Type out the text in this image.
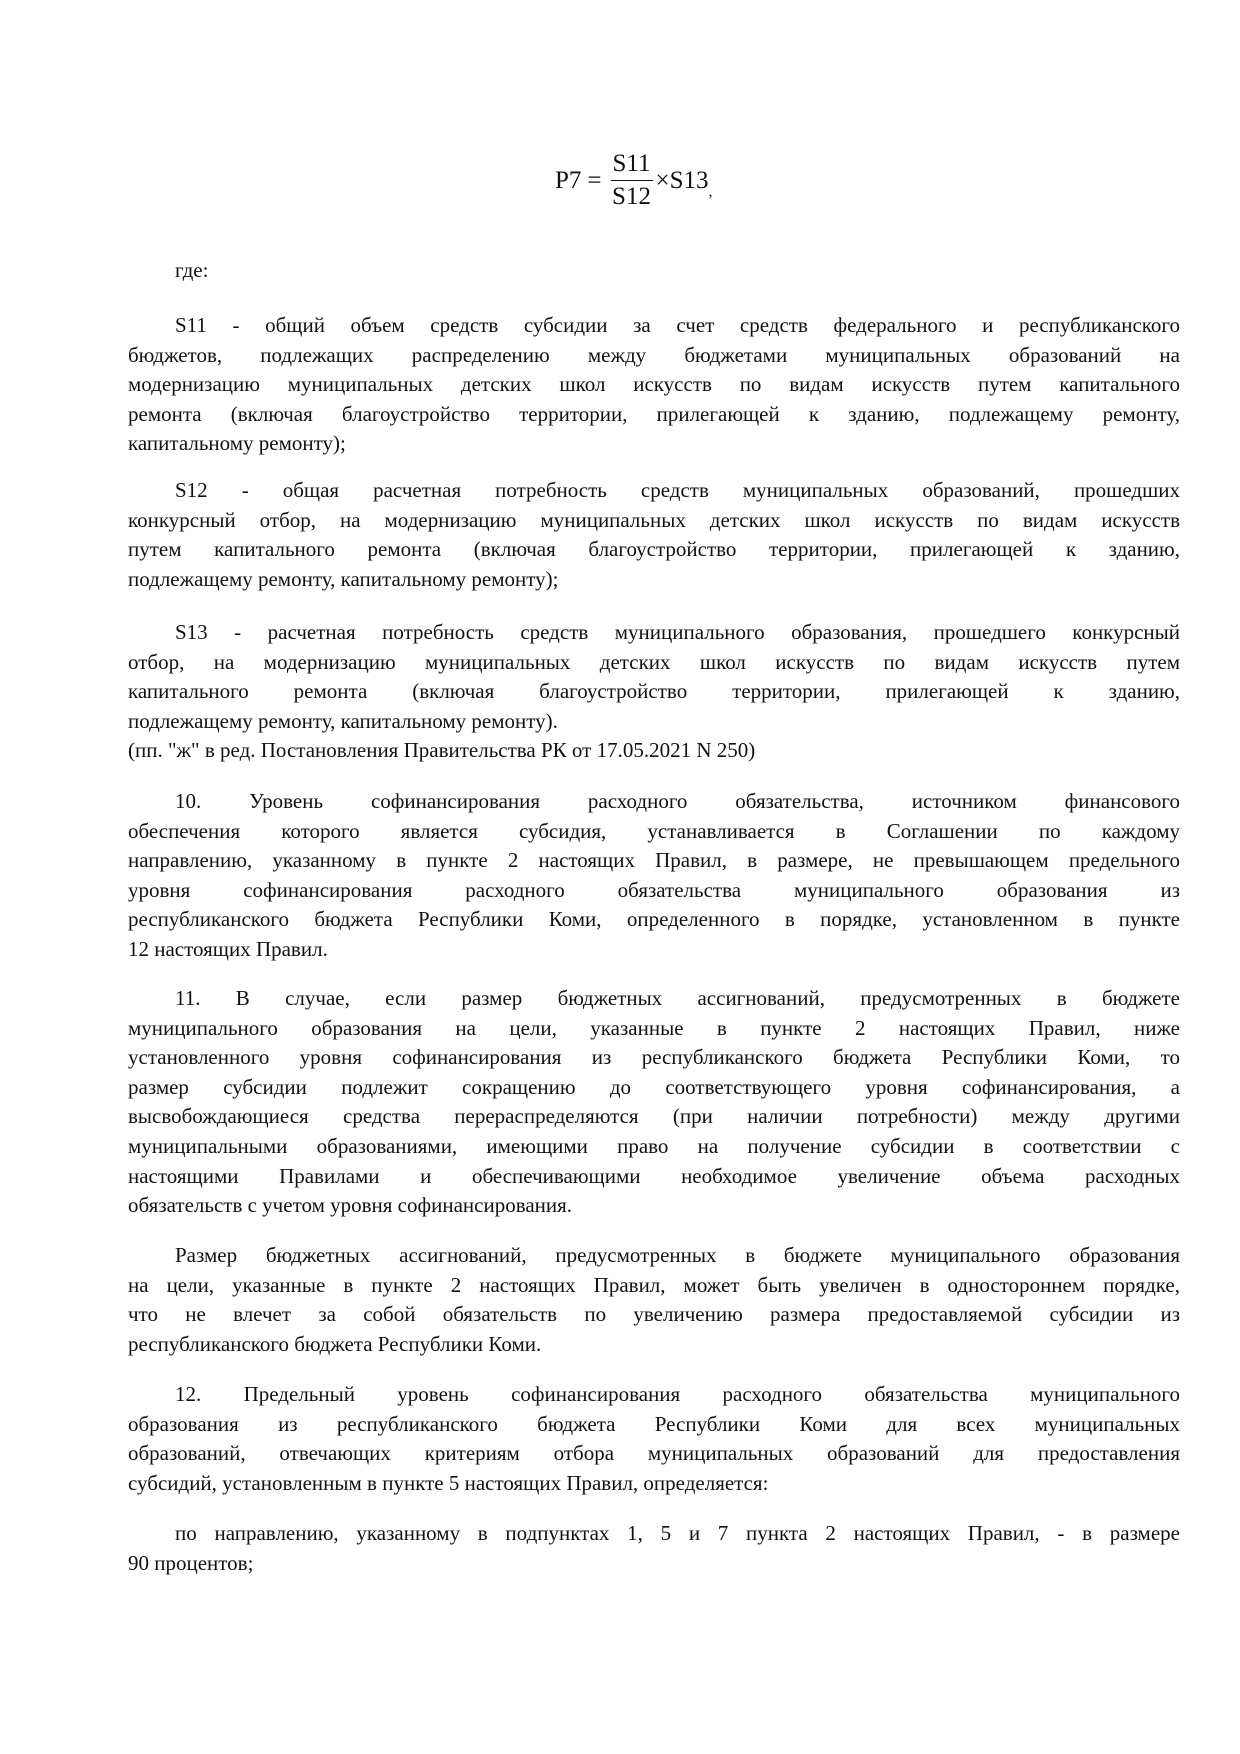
$P7 = \frac{S11}{S12} \times S13$ ,
где:
S11 - общий объем средств субсидии за счет средств федерального и республиканского
бюджетов, подлежащих распределению между бюджетами муниципальных образований на
модернизацию муниципальных детских школ искусств по видам искусств путем капитального
ремонта (включая благоустройство территории, прилегающей к зданию, подлежащему ремонту,
капитальному ремонту);
S12 - общая расчетная потребность средств муниципальных образований, прошедших
конкурсный отбор, на модернизацию муниципальных детских школ искусств по видам искусств
путем капитального ремонта (включая благоустройство территории, прилегающей к зданию,
подлежащему ремонту, капитальному ремонту);
S13 - расчетная потребность средств муниципального образования, прошедшего конкурсный
отбор, на модернизацию муниципальных детских школ искусств по видам искусств путем
капитального ремонта (включая благоустройство территории, прилегающей к зданию,
подлежащему ремонту, капитальному ремонту).
(пп. "ж" в ред. Постановления Правительства РК от 17.05.2021 N 250)
10. Уровень софинансирования расходного обязательства, источником финансового
обеспечения которого является субсидия, устанавливается в Соглашении по каждому
направлению, указанному в пункте 2 настоящих Правил, в размере, не превышающем предельного
уровня софинансирования расходного обязательства муниципального образования из
республиканского бюджета Республики Коми, определенного в порядке, установленном в пункте
12 настоящих Правил.
11. В случае, если размер бюджетных ассигнований, предусмотренных в бюджете
муниципального образования на цели, указанные в пункте 2 настоящих Правил, ниже
установленного уровня софинансирования из республиканского бюджета Республики Коми, то
размер субсидии подлежит сокращению до соответствующего уровня софинансирования, а
высвобождающиеся средства перераспределяются (при наличии потребности) между другими
муниципальными образованиями, имеющими право на получение субсидии в соответствии с
настоящими Правилами и обеспечивающими необходимое увеличение объема расходных
обязательств с учетом уровня софинансирования.
Размер бюджетных ассигнований, предусмотренных в бюджете муниципального образования
на цели, указанные в пункте 2 настоящих Правил, может быть увеличен в одностороннем порядке,
что не влечет за собой обязательств по увеличению размера предоставляемой субсидии из
республиканского бюджета Республики Коми.
12. Предельный уровень софинансирования расходного обязательства муниципального
образования из республиканского бюджета Республики Коми для всех муниципальных
образований, отвечающих критериям отбора муниципальных образований для предоставления
субсидий, установленным в пункте 5 настоящих Правил, определяется:
по направлению, указанному в подпунктах 1, 5 и 7 пункта 2 настоящих Правил, - в размере
90 процентов;
